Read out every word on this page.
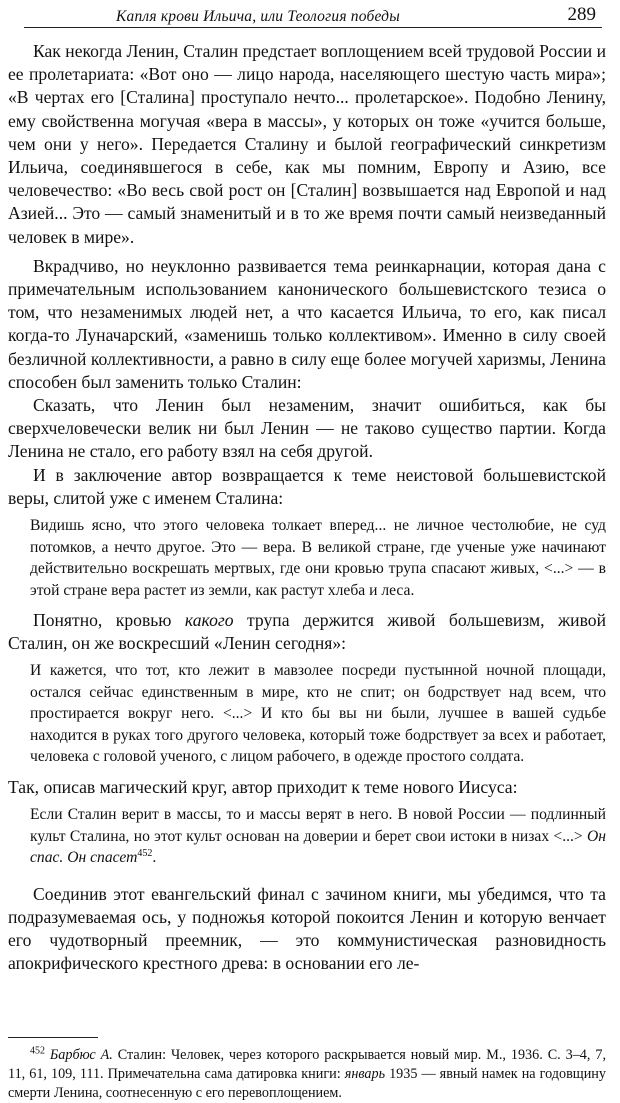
Капля крови Ильича, или Теология победы	289

Как некогда Ленин, Сталин предстает воплощением всей трудовой России и ее пролетариата: «Вот оно — лицо народа, населяющего шестую часть мира»; «В чертах его [Сталина] проступало нечто... пролетарское». Подобно Ленину, ему свойственна могучая «вера в массы», у которых он тоже «учится больше, чем они у него». Передается Сталину и былой географический синкретизм Ильича, соединявшегося в себе, как мы помним, Европу и Азию, все человечество: «Во весь свой рост он [Сталин] возвышается над Европой и над Азией... Это — самый знаменитый и в то же время почти самый неизведанный человек в мире».

Вкрадчиво, но неуклонно развивается тема реинкарнации, которая дана с примечательным использованием канонического большевистского тезиса о том, что незаменимых людей нет, а что касается Ильича, то его, как писал когда-то Луначарский, «заменишь только коллективом». Именно в силу своей безличной коллективности, а равно в силу еще более могучей харизмы, Ленина способен был заменить только Сталин:

Сказать, что Ленин был незаменим, значит ошибиться, как бы сверхчеловечески велик ни был Ленин — не таково существо партии. Когда Ленина не стало, его работу взял на себя другой.

И в заключение автор возвращается к теме неистовой большевистской веры, слитой уже с именем Сталина:

Видишь ясно, что этого человека толкает вперед... не личное честолюбие, не суд потомков, а нечто другое. Это — вера. В великой стране, где ученые уже начинают действительно воскрешать мертвых, где они кровью трупа спасают живых, <...> — в этой стране вера растет из земли, как растут хлеба и леса.

Понятно, кровью какого трупа держится живой большевизм, живой Сталин, он же воскресший «Ленин сегодня»:

И кажется, что тот, кто лежит в мавзолее посреди пустынной ночной площади, остался сейчас единственным в мире, кто не спит; он бодрствует над всем, что простирается вокруг него. <...> И кто бы вы ни были, лучшее в вашей судьбе находится в руках того другого человека, который тоже бодрствует за всех и работает, человека с головой ученого, с лицом рабочего, в одежде простого солдата.

Так, описав магический круг, автор приходит к теме нового Иисуса:

Если Сталин верит в массы, то и массы верят в него. В новой России — подлинный культ Сталина, но этот культ основан на доверии и берет свои истоки в низах <...> Он спас. Он спасет$^{452}$.

Соединив этот евангельский финал с зачином книги, мы убедимся, что та подразумеваемая ось, у подножья которой покоится Ленин и которую венчает его чудотворный преемник, — это коммунистическая разновидность апокрифического крестного древа: в основании его ле-

$^{452}$ Барбюс А. Сталин: Человек, через которого раскрывается новый мир. М., 1936. С. 3–4, 7, 11, 61, 109, 111. Примечательна сама датировка книги: январь 1935 — явный намек на годовщину смерти Ленина, соотнесенную с его перевоплощением.
